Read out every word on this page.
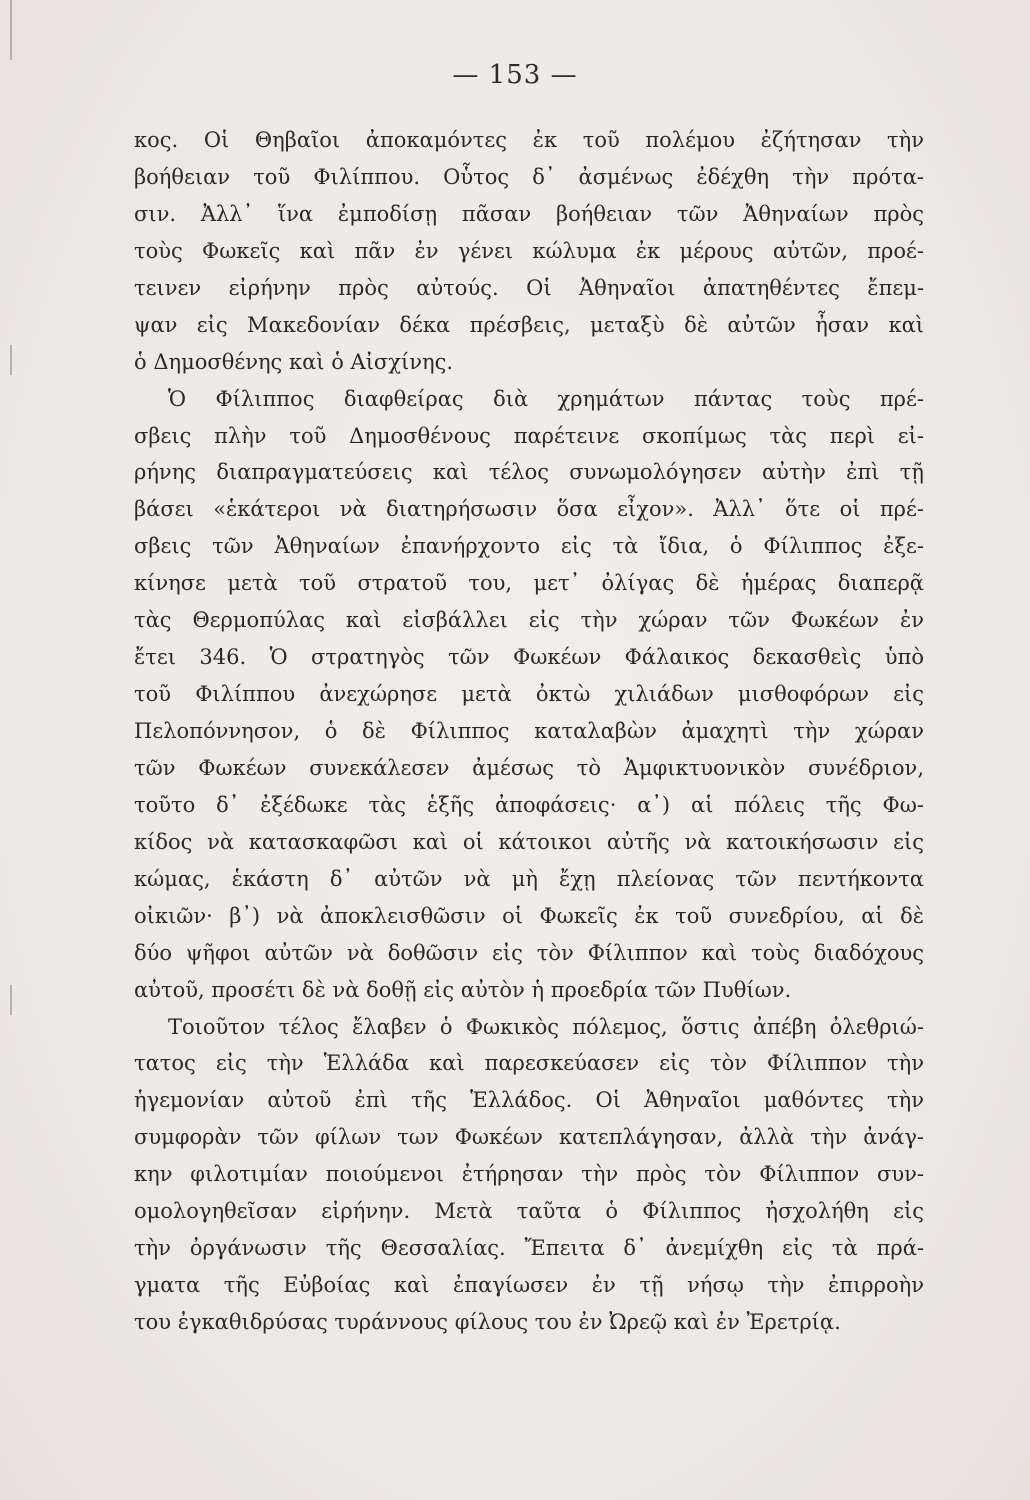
— 153 —
κος. Οἱ Θηβαῖοι ἀποκαμόντες ἐκ τοῦ πολέμου ἐζήτησαν τὴν
βοήθειαν τοῦ Φιλίππου. Οὗτος δ᾽ ἀσμένως ἐδέχθη τὴν πρότα-
σιν. Ἀλλ᾽ ἵνα ἐμποδίσῃ πᾶσαν βοήθειαν τῶν Ἀθηναίων πρὸς
τοὺς Φωκεῖς καὶ πᾶν ἐν γένει κώλυμα ἐκ μέρους αὐτῶν, προέ-
τεινεν εἰρήνην πρὸς αὐτούς. Οἱ Ἀθηναῖοι ἀπατηθέντες ἔπεμ-
ψαν εἰς Μακεδονίαν δέκα πρέσβεις, μεταξὺ δὲ αὐτῶν ἦσαν καὶ
ὁ Δημοσθένης καὶ ὁ Αἰσχίνης.
Ὁ Φίλιππος διαφθείρας διὰ χρημάτων πάντας τοὺς πρέ-
σβεις πλὴν τοῦ Δημοσθένους παρέτεινε σκοπίμως τὰς περὶ εἰ-
ρήνης διαπραγματεύσεις καὶ τέλος συνωμολόγησεν αὐτὴν ἐπὶ τῇ
βάσει «ἑκάτεροι νὰ διατηρήσωσιν ὅσα εἶχον». Ἀλλ᾽ ὅτε οἱ πρέ-
σβεις τῶν Ἀθηναίων ἐπανήρχοντο εἰς τὰ ἴδια, ὁ Φίλιππος ἐξε-
κίνησε μετὰ τοῦ στρατοῦ του, μετ᾽ ὀλίγας δὲ ἡμέρας διαπερᾷ
τὰς Θερμοπύλας καὶ εἰσβάλλει εἰς τὴν χώραν τῶν Φωκέων ἐν
ἔτει 346. Ὁ στρατηγὸς τῶν Φωκέων Φάλαικος δεκασθεὶς ὑπὸ
τοῦ Φιλίππου ἀνεχώρησε μετὰ ὀκτὼ χιλιάδων μισθοφόρων εἰς
Πελοπόννησον, ὁ δὲ Φίλιππος καταλαβὼν ἀμαχητὶ τὴν χώραν
τῶν Φωκέων συνεκάλεσεν ἀμέσως τὸ Ἀμφικτυονικὸν συνέδριον,
τοῦτο δ᾽ ἐξέδωκε τὰς ἑξῆς ἀποφάσεις· α᾽) αἱ πόλεις τῆς Φω-
κίδος νὰ κατασκαφῶσι καὶ οἱ κάτοικοι αὐτῆς νὰ κατοικήσωσιν εἰς
κώμας, ἑκάστη δ᾽ αὐτῶν νὰ μὴ ἔχῃ πλείονας τῶν πεντήκοντα
οἰκιῶν· β᾽) νὰ ἀποκλεισθῶσιν οἱ Φωκεῖς ἐκ τοῦ συνεδρίου, αἱ δὲ
δύο ψῆφοι αὐτῶν νὰ δοθῶσιν εἰς τὸν Φίλιππον καὶ τοὺς διαδόχους
αὐτοῦ, προσέτι δὲ νὰ δοθῇ εἰς αὐτὸν ἡ προεδρία τῶν Πυθίων.
Τοιοῦτον τέλος ἔλαβεν ὁ Φωκικὸς πόλεμος, ὅστις ἀπέβη ὀλεθριώ-
τατος εἰς τὴν Ἑλλάδα καὶ παρεσκεύασεν εἰς τὸν Φίλιππον τὴν
ἡγεμονίαν αὐτοῦ ἐπὶ τῆς Ἑλλάδος. Οἱ Ἀθηναῖοι μαθόντες τὴν
συμφορὰν τῶν φίλων των Φωκέων κατεπλάγησαν, ἀλλὰ τὴν ἀνάγ-
κην φιλοτιμίαν ποιούμενοι ἐτήρησαν τὴν πρὸς τὸν Φίλιππον συν-
ομολογηθεῖσαν εἰρήνην. Μετὰ ταῦτα ὁ Φίλιππος ἠσχολήθη εἰς
τὴν ὀργάνωσιν τῆς Θεσσαλίας. Ἔπειτα δ᾽ ἀνεμίχθη εἰς τὰ πρά-
γματα τῆς Εὐβοίας καὶ ἐπαγίωσεν ἐν τῇ νήσῳ τὴν ἐπιρροὴν
του ἐγκαθιδρύσας τυράννους φίλους του ἐν Ὠρεῷ καὶ ἐν Ἐρετρίᾳ.
